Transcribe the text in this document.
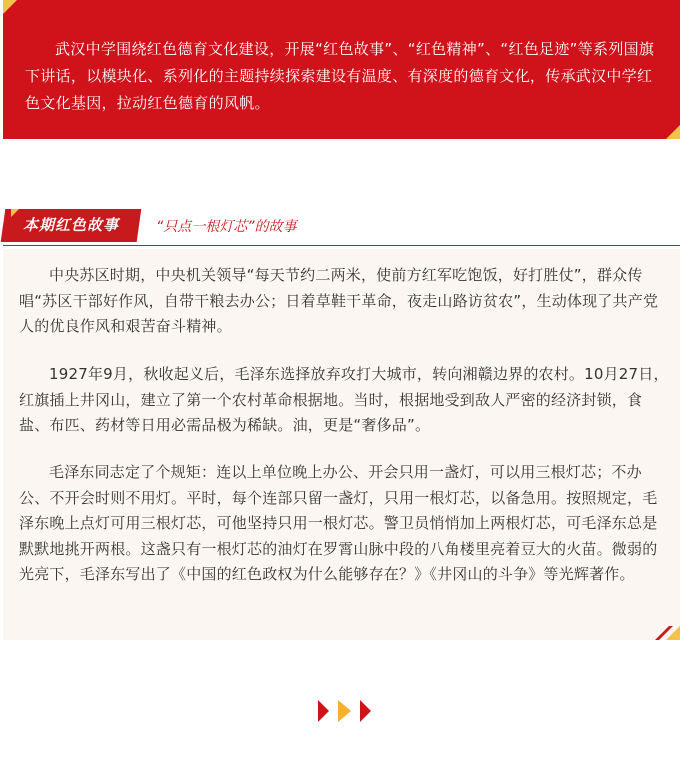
武汉中学围绕红色德育文化建设，开展“红色故事”、“红色精神”、“红色足迹”等系列国旗下讲话，以模块化、系列化的主题持续探索建设有温度、有深度的德育文化，传承武汉中学红色文化基因，拉动红色德育的风帆。

本期红色故事	“只点一根灯芯”的故事

中央苏区时期，中央机关领导“每天节约二两米，使前方红军吃饱饭，好打胜仗”，群众传唱“苏区干部好作风，自带干粮去办公；日着草鞋干革命，夜走山路访贫农”，生动体现了共产党人的优良作风和艰苦奋斗精神。

1927年9月，秋收起义后，毛泽东选择放弃攻打大城市，转向湘赣边界的农村。10月27日，红旗插上井冈山，建立了第一个农村革命根据地。当时，根据地受到敌人严密的经济封锁，食盐、布匹、药材等日用必需品极为稀缺。油，更是“奢侈品”。

毛泽东同志定了个规矩：连以上单位晚上办公、开会只用一盏灯，可以用三根灯芯；不办公、不开会时则不用灯。平时，每个连部只留一盏灯，只用一根灯芯，以备急用。按照规定，毛泽东晚上点灯可用三根灯芯，可他坚持只用一根灯芯。警卫员悄悄加上两根灯芯，可毛泽东总是默默地挑开两根。这盏只有一根灯芯的油灯在罗霄山脉中段的八角楼里亮着豆大的火苗。微弱的光亮下，毛泽东写出了《中国的红色政权为什么能够存在？》《井冈山的斗争》等光辉著作。
